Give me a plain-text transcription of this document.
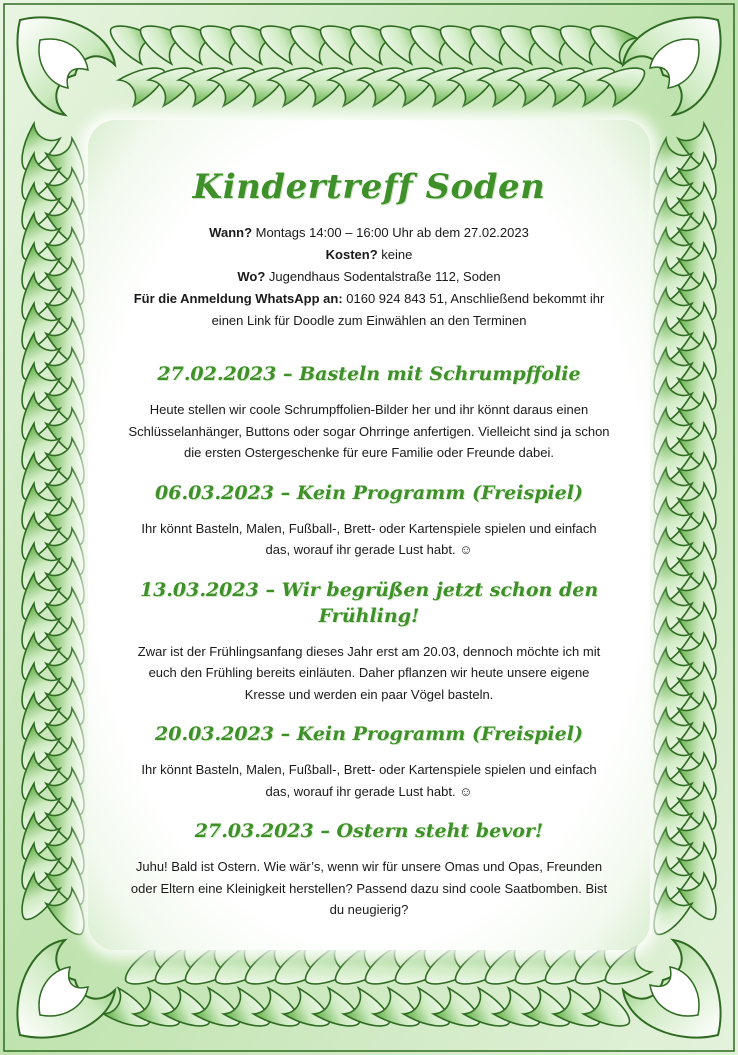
Kindertreff Soden

Wann? Montags 14:00 – 16:00 Uhr ab dem 27.02.2023

Kosten? keine

Wo? Jugendhaus Sodentalstraße 112, Soden

Für die Anmeldung WhatsApp an: 0160 924 843 51, Anschließend bekommt ihr

einen Link für Doodle zum Einwählen an den Terminen

27.02.2023 – Basteln mit Schrumpffolie

Heute stellen wir coole Schrumpffolien-Bilder her und ihr könnt daraus einen

Schlüsselanhänger, Buttons oder sogar Ohrringe anfertigen. Vielleicht sind ja schon

die ersten Ostergeschenke für eure Familie oder Freunde dabei.

06.03.2023 – Kein Programm (Freispiel)

Ihr könnt Basteln, Malen, Fußball-, Brett- oder Kartenspiele spielen und einfach

das, worauf ihr gerade Lust habt. ☺

13.03.2023 – Wir begrüßen jetzt schon den Frühling!

Zwar ist der Frühlingsanfang dieses Jahr erst am 20.03, dennoch möchte ich mit

euch den Frühling bereits einläuten. Daher pflanzen wir heute unsere eigene

Kresse und werden ein paar Vögel basteln.

20.03.2023 – Kein Programm (Freispiel)

Ihr könnt Basteln, Malen, Fußball-, Brett- oder Kartenspiele spielen und einfach

das, worauf ihr gerade Lust habt. ☺

27.03.2023 – Ostern steht bevor!

Juhu! Bald ist Ostern. Wie wär’s, wenn wir für unsere Omas und Opas, Freunden

oder Eltern eine Kleinigkeit herstellen? Passend dazu sind coole Saatbomben. Bist

du neugierig?
